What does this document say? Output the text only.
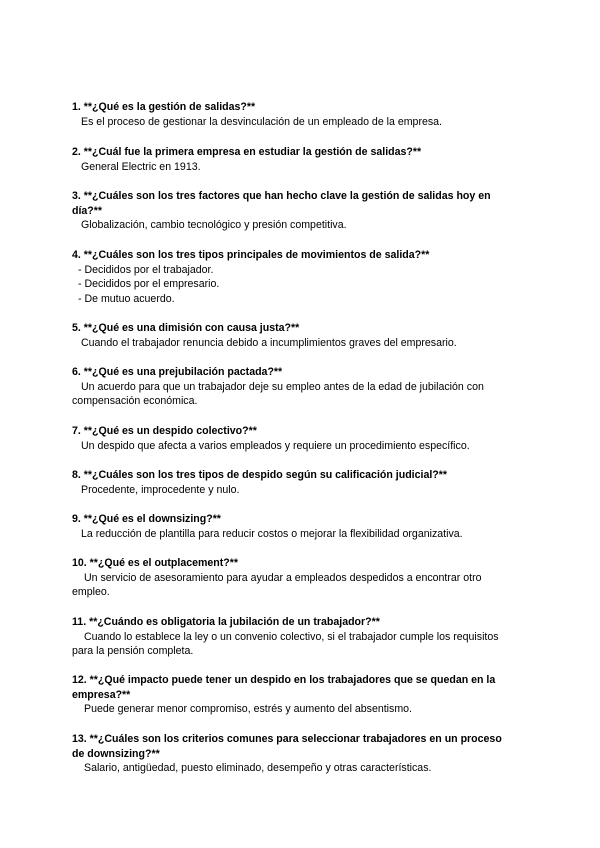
1. **¿Qué es la gestión de salidas?**

Es el proceso de gestionar la desvinculación de un empleado de la empresa.

2. **¿Cuál fue la primera empresa en estudiar la gestión de salidas?**

General Electric en 1913.

3. **¿Cuáles son los tres factores que han hecho clave la gestión de salidas hoy en
día?**

Globalización, cambio tecnológico y presión competitiva.

4. **¿Cuáles son los tres tipos principales de movimientos de salida?**

- Decididos por el trabajador.
- Decididos por el empresario.
- De mutuo acuerdo.

5. **¿Qué es una dimisión con causa justa?**

Cuando el trabajador renuncia debido a incumplimientos graves del empresario.

6. **¿Qué es una prejubilación pactada?**

Un acuerdo para que un trabajador deje su empleo antes de la edad de jubilación con
compensación económica.

7. **¿Qué es un despido colectivo?**

Un despido que afecta a varios empleados y requiere un procedimiento específico.

8. **¿Cuáles son los tres tipos de despido según su calificación judicial?**

Procedente, improcedente y nulo.

9. **¿Qué es el downsizing?**

La reducción de plantilla para reducir costos o mejorar la flexibilidad organizativa.

10. **¿Qué es el outplacement?**

Un servicio de asesoramiento para ayudar a empleados despedidos a encontrar otro
empleo.

11. **¿Cuándo es obligatoria la jubilación de un trabajador?**

Cuando lo establece la ley o un convenio colectivo, si el trabajador cumple los requisitos
para la pensión completa.

12. **¿Qué impacto puede tener un despido en los trabajadores que se quedan en la
empresa?**

Puede generar menor compromiso, estrés y aumento del absentismo.

13. **¿Cuáles son los criterios comunes para seleccionar trabajadores en un proceso
de downsizing?**

Salario, antigüedad, puesto eliminado, desempeño y otras características.
